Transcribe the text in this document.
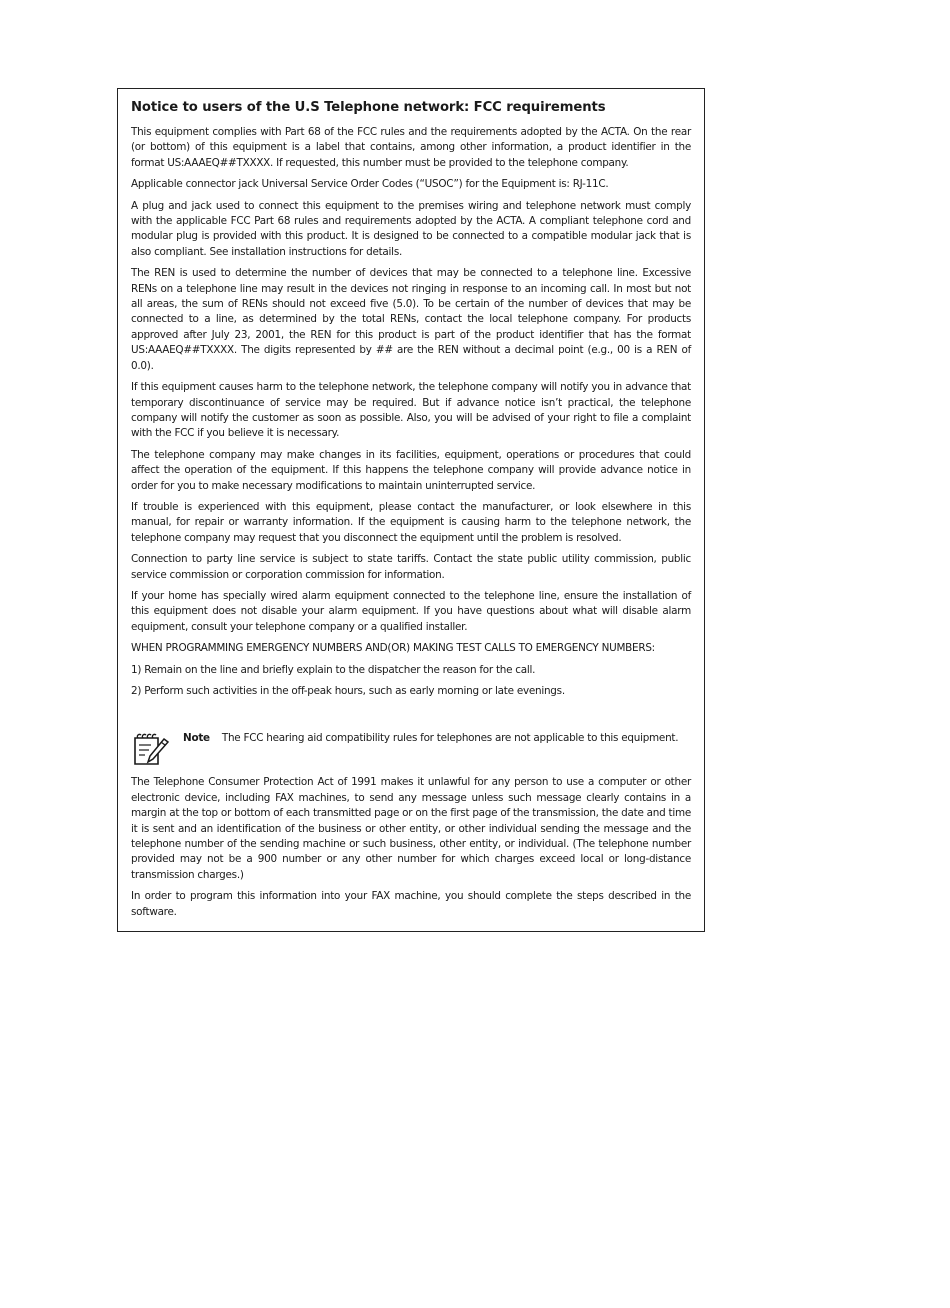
Notice to users of the U.S Telephone network: FCC requirements

This equipment complies with Part 68 of the FCC rules and the requirements adopted by the ACTA. On the rear (or bottom) of this equipment is a label that contains, among other information, a product identifier in the format US:AAAEQ##TXXXX. If requested, this number must be provided to the telephone company.

Applicable connector jack Universal Service Order Codes (“USOC”) for the Equipment is: RJ-11C.

A plug and jack used to connect this equipment to the premises wiring and telephone network must comply with the applicable FCC Part 68 rules and requirements adopted by the ACTA. A compliant telephone cord and modular plug is provided with this product. It is designed to be connected to a compatible modular jack that is also compliant. See installation instructions for details.

The REN is used to determine the number of devices that may be connected to a telephone line. Excessive RENs on a telephone line may result in the devices not ringing in response to an incoming call. In most but not all areas, the sum of RENs should not exceed five (5.0). To be certain of the number of devices that may be connected to a line, as determined by the total RENs, contact the local telephone company. For products approved after July 23, 2001, the REN for this product is part of the product identifier that has the format US:AAAEQ##TXXXX. The digits represented by ## are the REN without a decimal point (e.g., 00 is a REN of 0.0).

If this equipment causes harm to the telephone network, the telephone company will notify you in advance that temporary discontinuance of service may be required. But if advance notice isn’t practical, the telephone company will notify the customer as soon as possible. Also, you will be advised of your right to file a complaint with the FCC if you believe it is necessary.

The telephone company may make changes in its facilities, equipment, operations or procedures that could affect the operation of the equipment. If this happens the telephone company will provide advance notice in order for you to make necessary modifications to maintain uninterrupted service.

If trouble is experienced with this equipment, please contact the manufacturer, or look elsewhere in this manual, for repair or warranty information. If the equipment is causing harm to the telephone network, the telephone company may request that you disconnect the equipment until the problem is resolved.

Connection to party line service is subject to state tariffs. Contact the state public utility commission, public service commission or corporation commission for information.

If your home has specially wired alarm equipment connected to the telephone line, ensure the installation of this equipment does not disable your alarm equipment. If you have questions about what will disable alarm equipment, consult your telephone company or a qualified installer.

WHEN PROGRAMMING EMERGENCY NUMBERS AND(OR) MAKING TEST CALLS TO EMERGENCY NUMBERS:

1) Remain on the line and briefly explain to the dispatcher the reason for the call.

2) Perform such activities in the off-peak hours, such as early morning or late evenings.

Note The FCC hearing aid compatibility rules for telephones are not applicable to this equipment.

The Telephone Consumer Protection Act of 1991 makes it unlawful for any person to use a computer or other electronic device, including FAX machines, to send any message unless such message clearly contains in a margin at the top or bottom of each transmitted page or on the first page of the transmission, the date and time it is sent and an identification of the business or other entity, or other individual sending the message and the telephone number of the sending machine or such business, other entity, or individual. (The telephone number provided may not be a 900 number or any other number for which charges exceed local or long-distance transmission charges.)

In order to program this information into your FAX machine, you should complete the steps described in the software.
